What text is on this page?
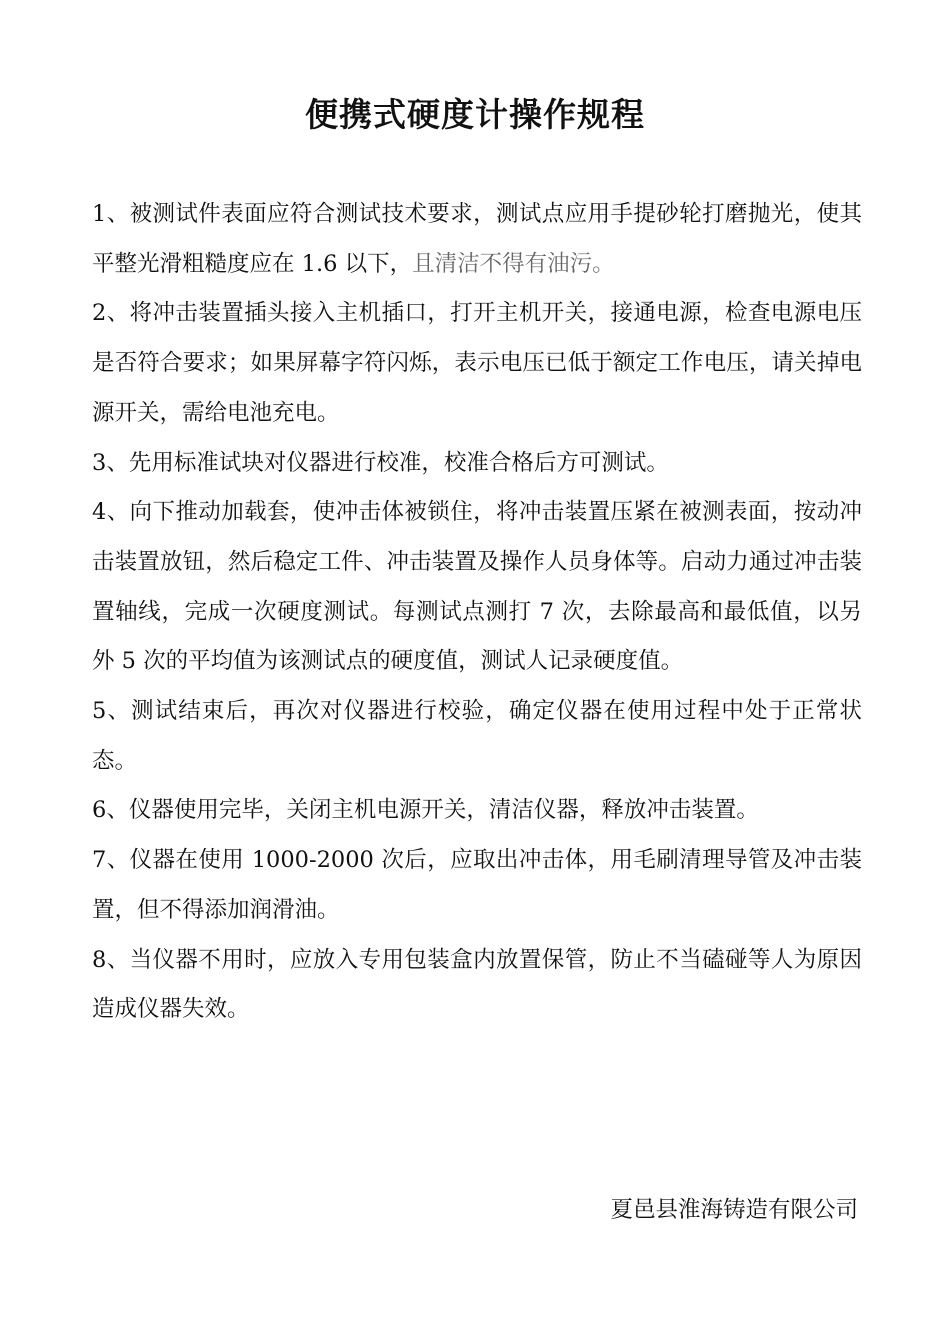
便携式硬度计操作规程

1、被测试件表面应符合测试技术要求，测试点应用手提砂轮打磨抛光，使其平整光滑粗糙度应在 1.6 以下，且清洁不得有油污。

2、将冲击装置插头接入主机插口，打开主机开关，接通电源，检查电源电压是否符合要求；如果屏幕字符闪烁，表示电压已低于额定工作电压，请关掉电源开关，需给电池充电。

3、先用标准试块对仪器进行校准，校准合格后方可测试。

4、向下推动加载套，使冲击体被锁住，将冲击装置压紧在被测表面，按动冲击装置放钮，然后稳定工件、冲击装置及操作人员身体等。启动力通过冲击装置轴线，完成一次硬度测试。每测试点测打 7 次，去除最高和最低值，以另外 5 次的平均值为该测试点的硬度值，测试人记录硬度值。

5、测试结束后，再次对仪器进行校验，确定仪器在使用过程中处于正常状态。

6、仪器使用完毕，关闭主机电源开关，清洁仪器，释放冲击装置。

7、仪器在使用 1000-2000 次后，应取出冲击体，用毛刷清理导管及冲击装置，但不得添加润滑油。

8、当仪器不用时，应放入专用包装盒内放置保管，防止不当磕碰等人为原因造成仪器失效。

夏邑县淮海铸造有限公司
